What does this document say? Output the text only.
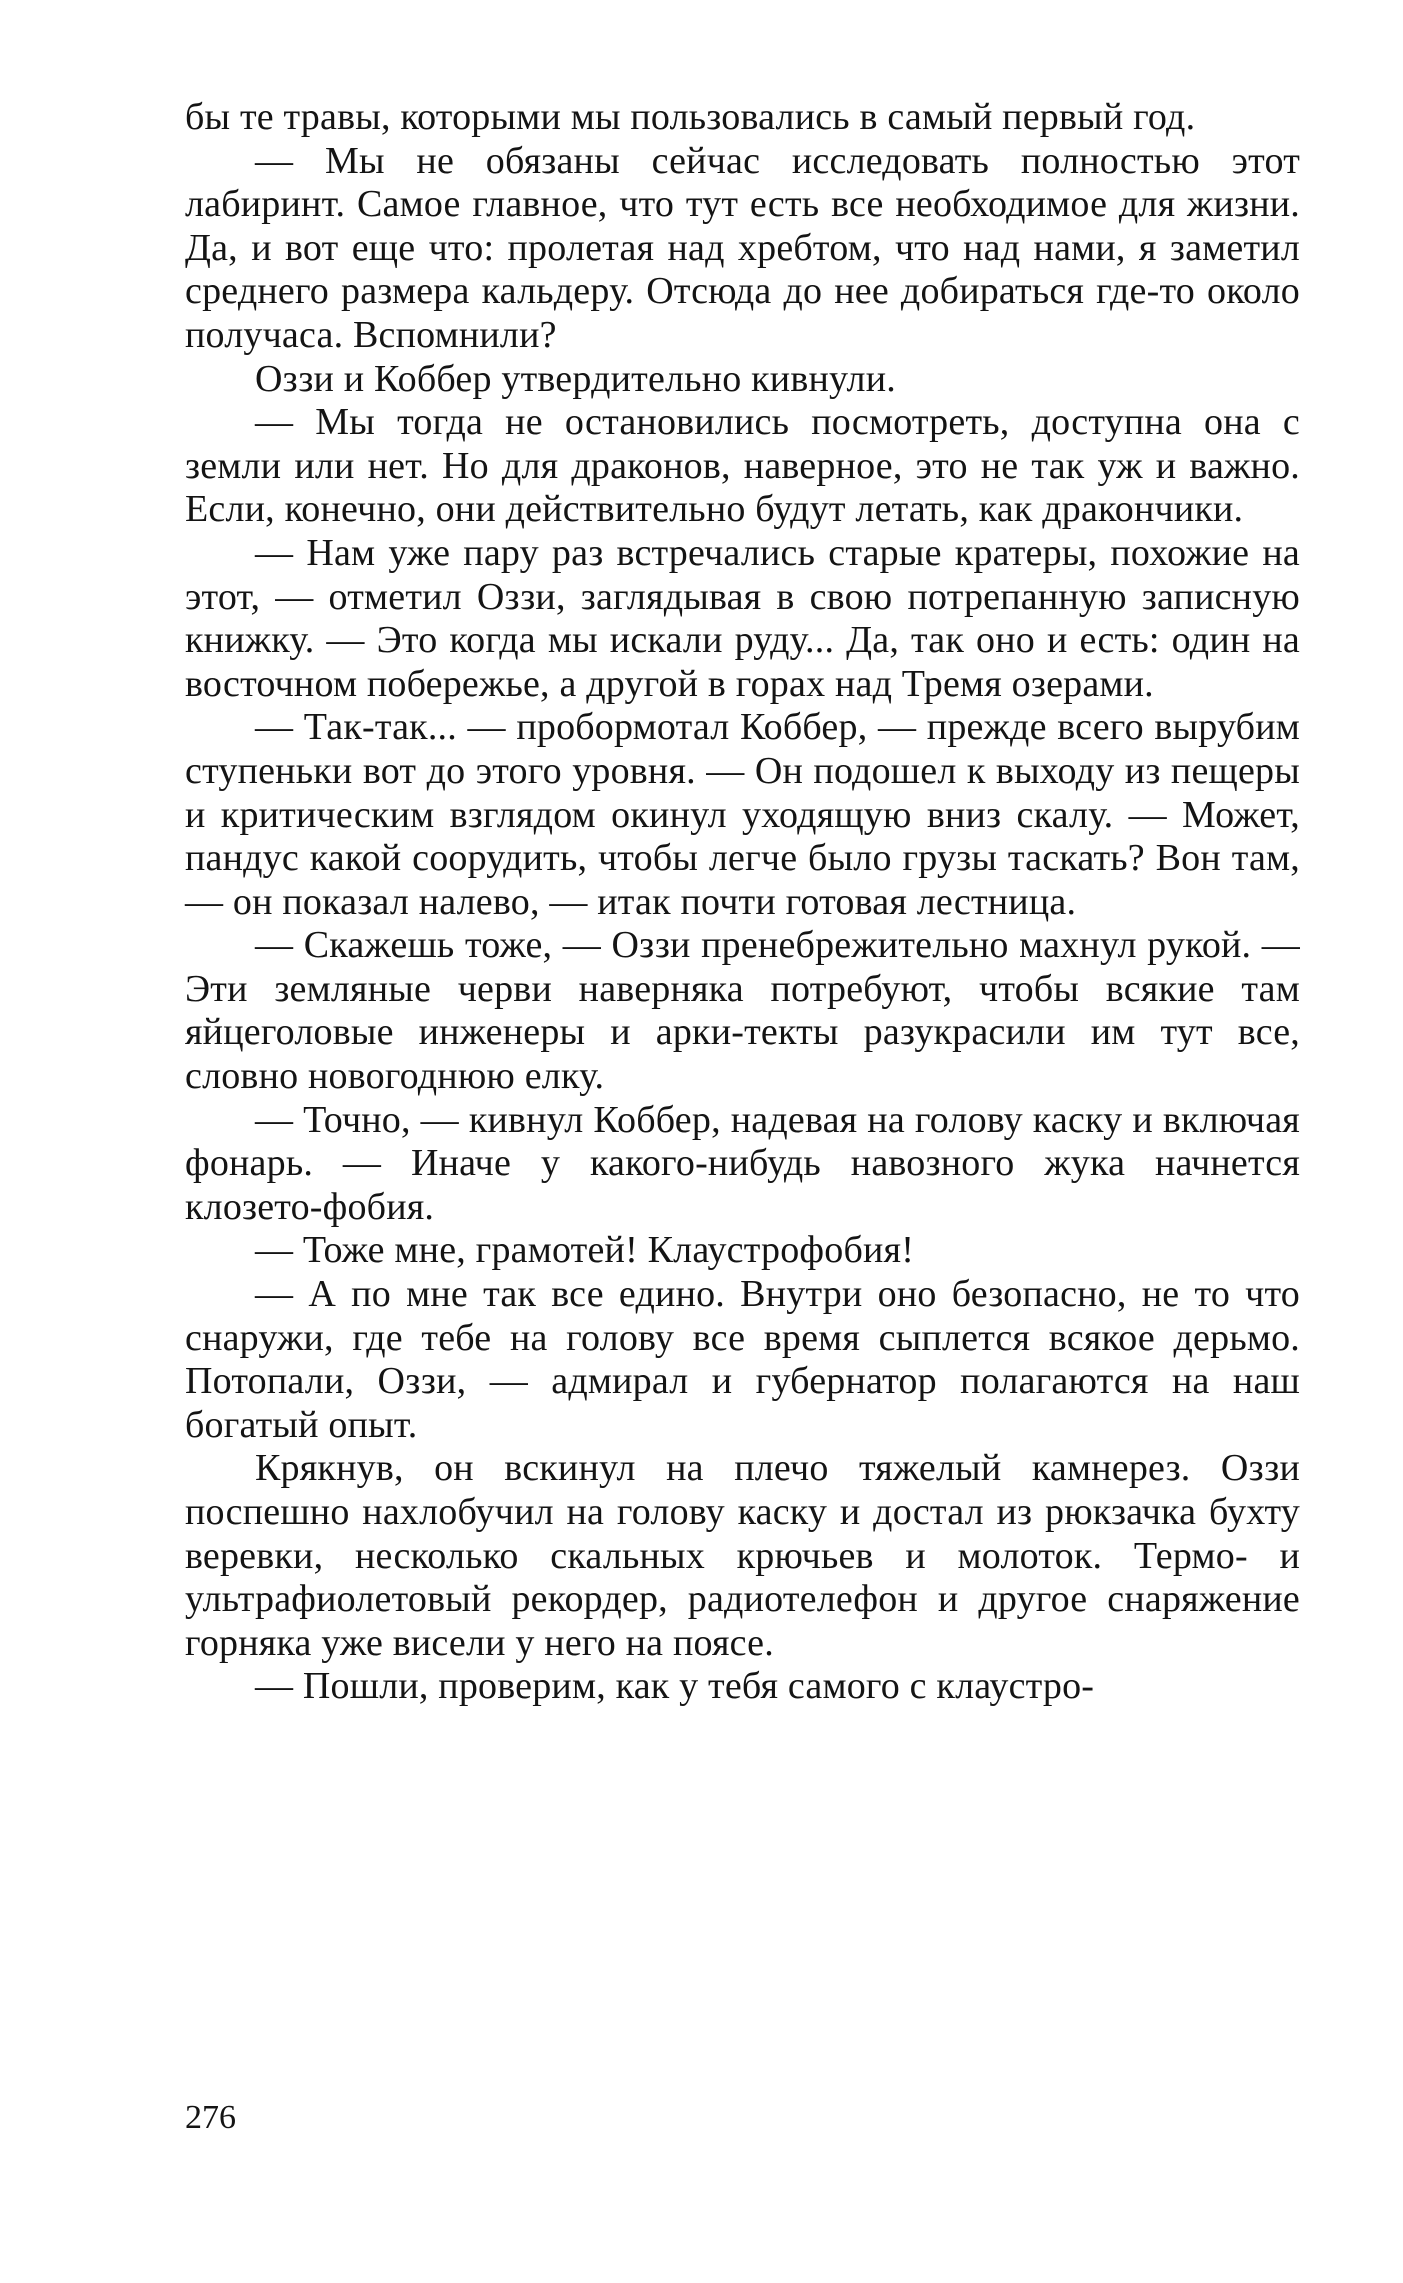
бы те травы, которыми мы пользовались в самый первый год.

— Мы не обязаны сейчас исследовать полностью этот лабиринт. Самое главное, что тут есть все необходимое для жизни. Да, и вот еще что: пролетая над хребтом, что над нами, я заметил среднего размера кальдеру. Отсюда до нее добираться где-то около получаса. Вспомнили?

Оззи и Коббер утвердительно кивнули.

— Мы тогда не остановились посмотреть, доступна она с земли или нет. Но для драконов, наверное, это не так уж и важно. Если, конечно, они действительно будут летать, как дракончики.

— Нам уже пару раз встречались старые кратеры, похожие на этот, — отметил Оззи, заглядывая в свою потрепанную записную книжку. — Это когда мы искали руду... Да, так оно и есть: один на восточном побережье, а другой в горах над Тремя озерами.

— Так-так... — пробормотал Коббер, — прежде всего вырубим ступеньки вот до этого уровня. — Он подошел к выходу из пещеры и критическим взглядом окинул уходящую вниз скалу. — Может, пандус какой соорудить, чтобы легче было грузы таскать? Вон там, — он показал налево, — итак почти готовая лестница.

— Скажешь тоже, — Оззи пренебрежительно махнул рукой. — Эти земляные черви наверняка потребуют, чтобы всякие там яйцеголовые инженеры и арки-текты разукрасили им тут все, словно новогоднюю елку.

— Точно, — кивнул Коббер, надевая на голову каску и включая фонарь. — Иначе у какого-нибудь навозного жука начнется клозето-фобия.

— Тоже мне, грамотей! Клаустрофобия!

— А по мне так все едино. Внутри оно безопасно, не то что снаружи, где тебе на голову все время сыплется всякое дерьмо. Потопали, Оззи, — адмирал и губернатор полагаются на наш богатый опыт.

Крякнув, он вскинул на плечо тяжелый камнерез. Оззи поспешно нахлобучил на голову каску и достал из рюкзачка бухту веревки, несколько скальных крючьев и молоток. Термо- и ультрафиолетовый рекордер, радиотелефон и другое снаряжение горняка уже висели у него на поясе.

— Пошли, проверим, как у тебя самого с клаустро-

276
